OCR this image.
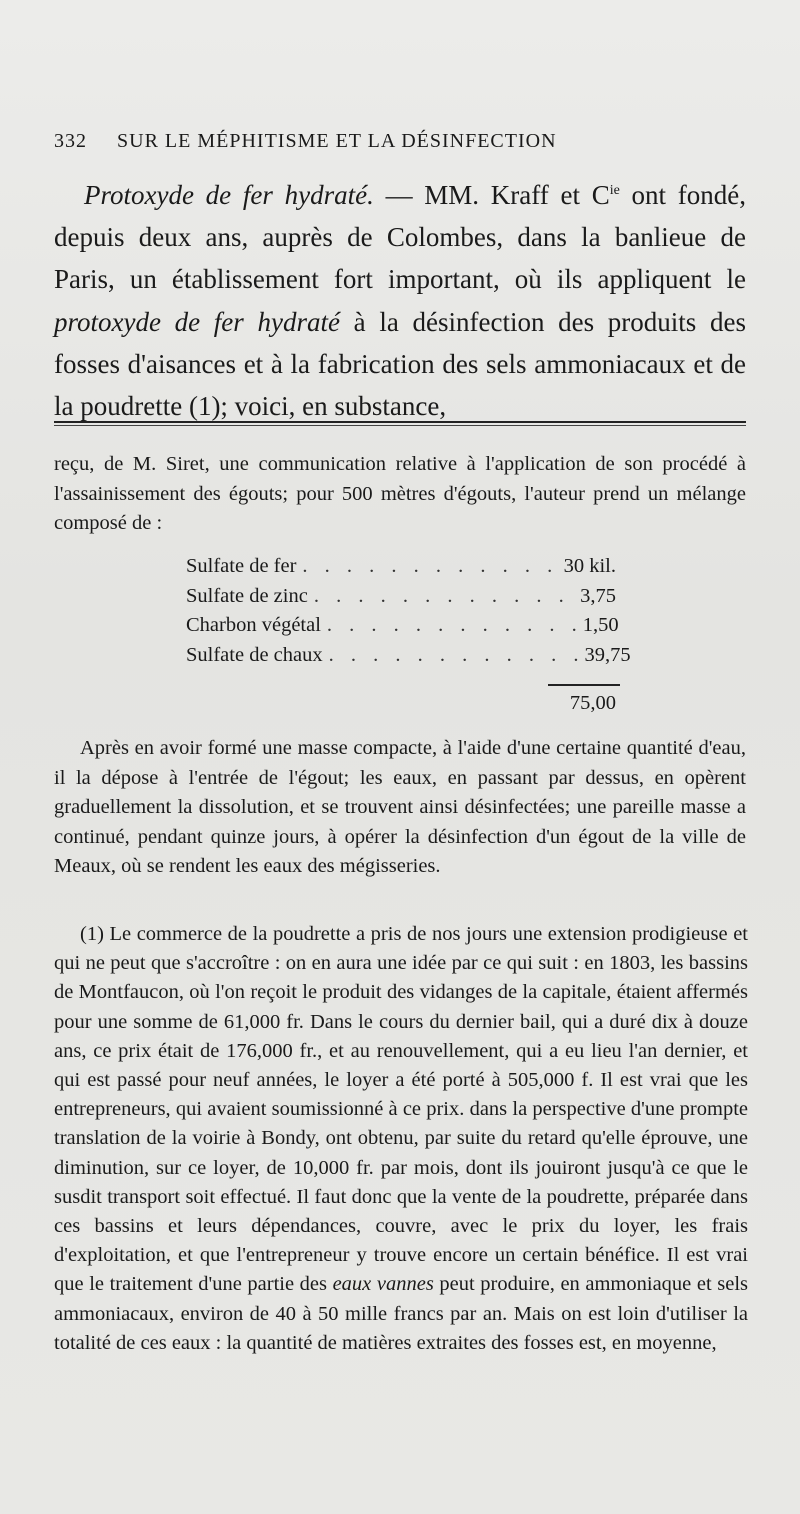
332 SUR LE MÉPHITISME ET LA DÉSINFECTION

Protoxyde de fer hydraté. — MM. Kraff et $C^{ie}$ ont fondé, depuis deux ans, auprès de Colombes, dans la banlieue de Paris, un établissement fort important, où ils appliquent le protoxyde de fer hydraté à la désinfection des produits des fosses d'aisances et à la fabrication des sels ammoniacaux et de la poudrette (1); voici, en substance,

reçu, de M. Siret, une communication relative à l'application de son procédé à l'assainissement des égouts; pour 500 mètres d'égouts, l'auteur prend un mélange composé de :

Sulfate de fer . . . . . . . . . . . . 30 kil.
Sulfate de zinc . . . . . . . . . . . . 3,75
Charbon végétal . . . . . . . . . . . . 1,50
Sulfate de chaux . . . . . . . . . . . . 39,75
75,00

Après en avoir formé une masse compacte, à l'aide d'une certaine quantité d'eau, il la dépose à l'entrée de l'égout; les eaux, en passant par dessus, en opèrent graduellement la dissolution, et se trouvent ainsi désinfectées; une pareille masse a continué, pendant quinze jours, à opérer la désinfection d'un égout de la ville de Meaux, où se rendent les eaux des mégisseries.

(1) Le commerce de la poudrette a pris de nos jours une extension prodigieuse et qui ne peut que s'accroître : on en aura une idée par ce qui suit : en 1803, les bassins de Montfaucon, où l'on reçoit le produit des vidanges de la capitale, étaient affermés pour une somme de 61,000 fr. Dans le cours du dernier bail, qui a duré dix à douze ans, ce prix était de 176,000 fr., et au renouvellement, qui a eu lieu l'an dernier, et qui est passé pour neuf années, le loyer a été porté à 505,000 f. Il est vrai que les entrepreneurs, qui avaient soumissionné à ce prix. dans la perspective d'une prompte translation de la voirie à Bondy, ont obtenu, par suite du retard qu'elle éprouve, une diminution, sur ce loyer, de 10,000 fr. par mois, dont ils jouiront jusqu'à ce que le susdit transport soit effectué. Il faut donc que la vente de la poudrette, préparée dans ces bassins et leurs dépendances, couvre, avec le prix du loyer, les frais d'exploitation, et que l'entrepreneur y trouve encore un certain bénéfice. Il est vrai que le traitement d'une partie des eaux vannes peut produire, en ammoniaque et sels ammoniacaux, environ de 40 à 50 mille francs par an. Mais on est loin d'utiliser la totalité de ces eaux : la quantité de matières extraites des fosses est, en moyenne,
